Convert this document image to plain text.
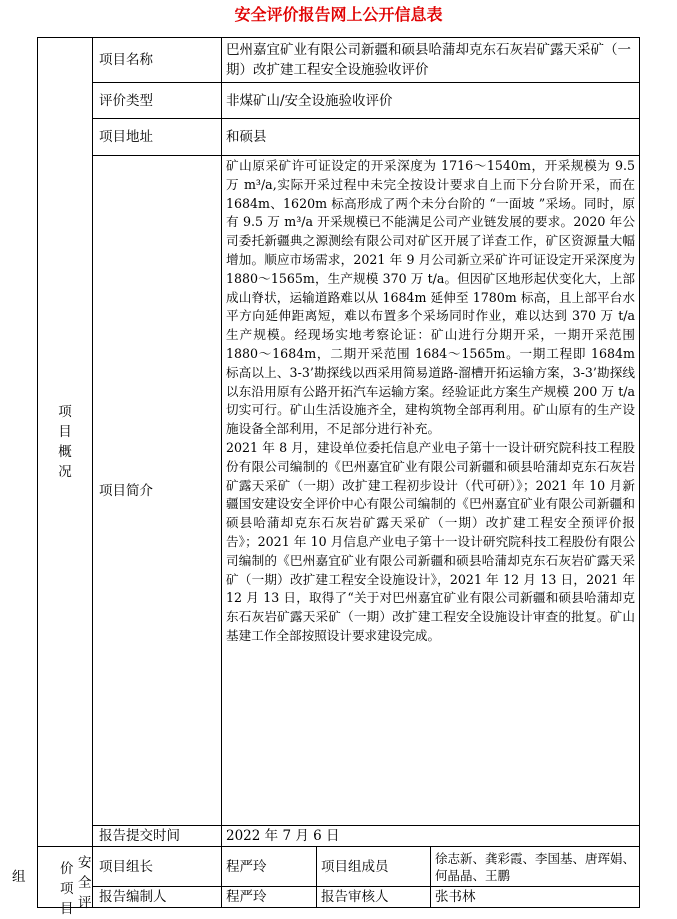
安全评价报告网上公开信息表
项目概况	项目名称	巴州嘉宜矿业有限公司新疆和硕县哈蒲却克东石灰岩矿露天采矿（一期）改扩建工程安全设施验收评价		
	评价类型	非煤矿山/安全设施验收评价		
	项目地址	和硕县		
	项目简介	矿山原采矿许可证设定的开采深度为 1716～1540m，开采规模为 9.5 万 m³/a,实际开采过程中未完全按设计要求自上而下分台阶开采，而在 1684m、1620m 标高形成了两个未分台阶的 “一面坡 ”采场。同时，原有 9.5 万 m³/a 开采规模已不能满足公司产业链发展的要求。2020 年公司委托新疆典之源测绘有限公司对矿区开展了详查工作，矿区资源量大幅增加。顺应市场需求，2021 年 9 月公司新立采矿许可证设定开采深度为 1880～1565m，生产规模 370 万 t/a。但因矿区地形起伏变化大，上部成山脊状，运输道路难以从 1684m 延伸至 1780m 标高，且上部平台水平方向延伸距离短，难以布置多个采场同时作业，难以达到 370 万 t/a 生产规模。经现场实地考察论证：矿山进行分期开采，一期开采范围 1880～1684m，二期开采范围 1684～1565m。一期工程即 1684m 标高以上、3-3’勘探线以西采用简易道路-溜槽开拓运输方案，3-3’勘探线以东沿用原有公路开拓汽车运输方案。经验证此方案生产规模 200 万 t/a 切实可行。矿山生活设施齐全，建构筑物全部再利用。矿山原有的生产设施设备全部利用，不足部分进行补充。

2021 年 8 月，建设单位委托信息产业电子第十一设计研究院科技工程股份有限公司编制的《巴州嘉宜矿业有限公司新疆和硕县哈蒲却克东石灰岩矿露天采矿（一期）改扩建工程初步设计（代可研）》；2021 年 10 月新疆国安建设安全评价中心有限公司编制的《巴州嘉宜矿业有限公司新疆和硕县哈蒲却克东石灰岩矿露天采矿（一期）改扩建工程安全预评价报告》；2021 年 10 月信息产业电子第十一设计研究院科技工程股份有限公司编制的《巴州嘉宜矿业有限公司新疆和硕县哈蒲却克东石灰岩矿露天采矿（一期）改扩建工程安全设施设计》，2021 年 12 月 13 日，2021 年 12 月 13 日，取得了“关于对巴州嘉宜矿业有限公司新疆和硕县哈蒲却克东石灰岩矿露天采矿（一期）改扩建工程安全设施设计审查的批复。矿山基建工作全部按照设计要求建设完成。		

	报告提交时间	2022 年 7 月 6 日		

组 价项目
安全评	项目组长	程严玲	项目组成员	徐志新、龚彩霞、李国基、唐珲娟、何晶晶、王鹏
	报告编制人	程严玲	报告审核人	张书林
